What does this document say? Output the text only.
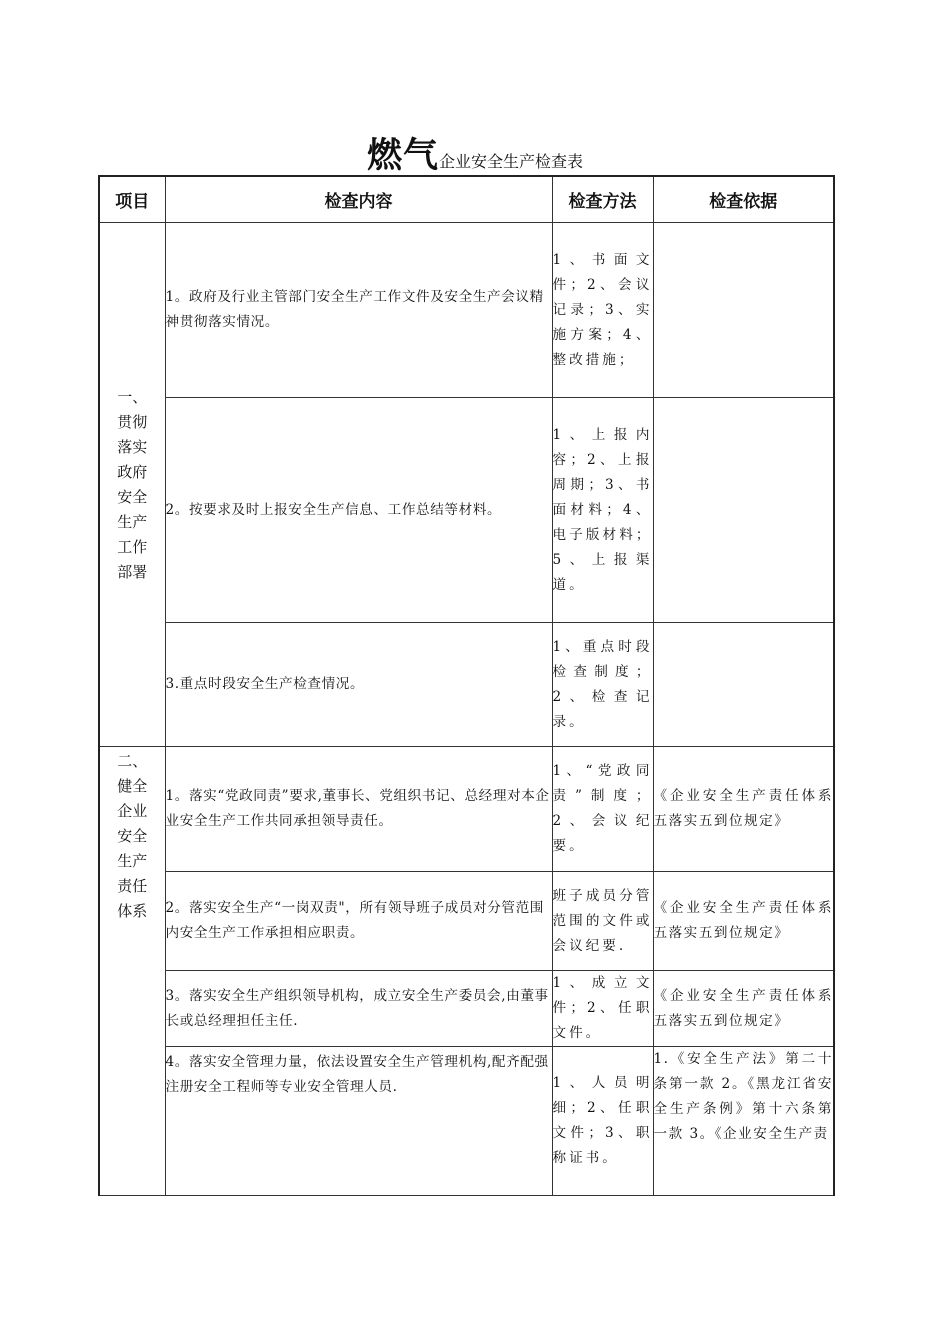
燃气企业安全生产检查表
项目	检查内容	检查方法	检查依据
一、贯彻落实政府安全生产工作部署	1。政府及行业主管部门安全生产工作文件及安全生产会议精神贯彻落实情况。	1、书面文件；2、会议记录；3、实施方案；4、整改措施；	
	2。按要求及时上报安全生产信息、工作总结等材料。	1、上报内容；2、上报周期；3、书面材料；4、电子版材料；5、上报渠道。	
	3.重点时段安全生产检查情况。	1、重点时段检查制度；2、检查记录。	
二、健全企业安全生产责任体系	1。落实“党政同责”要求,董事长、党组织书记、总经理对本企业安全生产工作共同承担领导责任。	1、“党政同责”制度；2、会议纪要。	《企业安全生产责任体系五落实五到位规定》
	2。落实安全生产“一岗双责"，所有领导班子成员对分管范围内安全生产工作承担相应职责。	班子成员分管范围的文件或会议纪要.	《企业安全生产责任体系五落实五到位规定》
	3。落实安全生产组织领导机构，成立安全生产委员会,由董事长或总经理担任主任.	1、成立文件；2、任职文件。	《企业安全生产责任体系五落实五到位规定》
	4。落实安全管理力量，依法设置安全生产管理机构,配齐配强注册安全工程师等专业安全管理人员.	1、人员明细；2、任职文件；3、职称证书。	1.《安全生产法》第二十条第一款 2。《黑龙江省安全生产条例》第十六条第一款 3。《企业安全生产责
